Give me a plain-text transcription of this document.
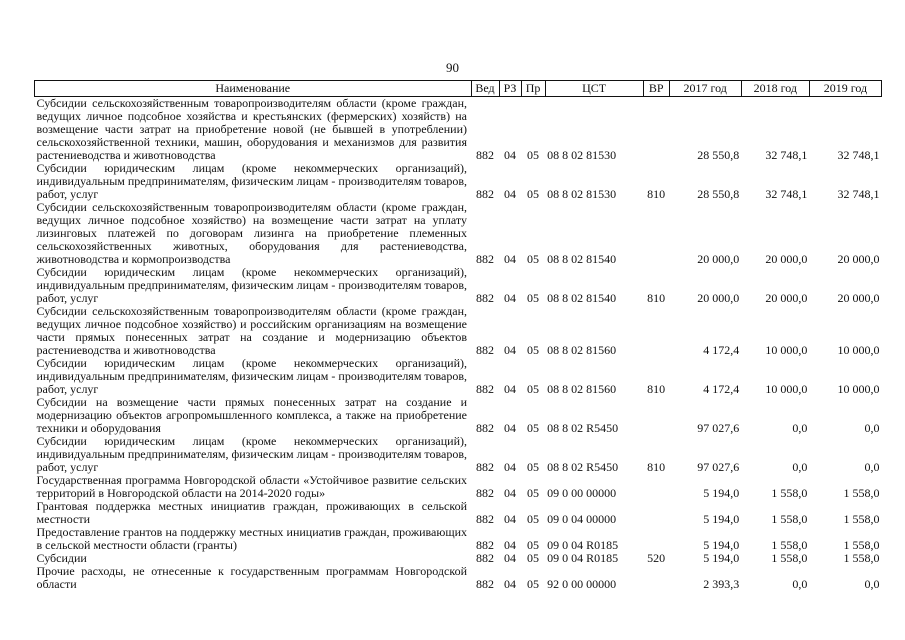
90
Наименование	Вед	РЗ	Пр	ЦСТ	ВР	2017 год	2018 год	2019 год
Субсидии сельскохозяйственным товаропроизводителям области (кроме граждан, ведущих личное подсобное хозяйства и крестьянских (фермерских) хозяйств) на возмещение части затрат на приобретение новой (не бывшей в употреблении) сельскохозяйственной техники, машин, оборудования и механизмов для развития растениеводства и животноводства	882	04	05	08 8 02 81530		28 550,8	32 748,1	32 748,1
Субсидии юридическим лицам (кроме некоммерческих организаций), индивидуальным предпринимателям, физическим лицам - производителям товаров, работ, услуг	882	04	05	08 8 02 81530	810	28 550,8	32 748,1	32 748,1
Субсидии сельскохозяйственным товаропроизводителям области (кроме граждан, ведущих личное подсобное хозяйство) на возмещение части затрат на уплату лизинговых платежей по договорам лизинга на приобретение племенных сельскохозяйственных животных, оборудования для растениеводства, животноводства и кормопроизводства	882	04	05	08 8 02 81540		20 000,0	20 000,0	20 000,0
Субсидии юридическим лицам (кроме некоммерческих организаций), индивидуальным предпринимателям, физическим лицам - производителям товаров, работ, услуг	882	04	05	08 8 02 81540	810	20 000,0	20 000,0	20 000,0
Субсидии сельскохозяйственным товаропроизводителям области (кроме граждан, ведущих личное подсобное хозяйство) и российским организациям на возмещение части прямых понесенных затрат на создание и модернизацию объектов растениеводства и животноводства	882	04	05	08 8 02 81560		4 172,4	10 000,0	10 000,0
Субсидии юридическим лицам (кроме некоммерческих организаций), индивидуальным предпринимателям, физическим лицам - производителям товаров, работ, услуг	882	04	05	08 8 02 81560	810	4 172,4	10 000,0	10 000,0
Субсидии на возмещение части прямых понесенных затрат на создание и модернизацию объектов агропромышленного комплекса, а также на приобретение техники и оборудования	882	04	05	08 8 02 R5450		97 027,6	0,0	0,0
Субсидии юридическим лицам (кроме некоммерческих организаций), индивидуальным предпринимателям, физическим лицам - производителям товаров, работ, услуг	882	04	05	08 8 02 R5450	810	97 027,6	0,0	0,0
Государственная программа Новгородской области «Устойчивое развитие сельских территорий в Новгородской области на 2014-2020 годы»	882	04	05	09 0 00 00000		5 194,0	1 558,0	1 558,0
Грантовая поддержка местных инициатив граждан, проживающих в сельской местности	882	04	05	09 0 04 00000		5 194,0	1 558,0	1 558,0
Предоставление грантов на поддержку местных инициатив граждан, проживающих в сельской местности области (гранты)	882	04	05	09 0 04 R0185		5 194,0	1 558,0	1 558,0
Субсидии	882	04	05	09 0 04 R0185	520	5 194,0	1 558,0	1 558,0
Прочие расходы, не отнесенные к государственным программам Новгородской области	882	04	05	92 0 00 00000		2 393,3	0,0	0,0
